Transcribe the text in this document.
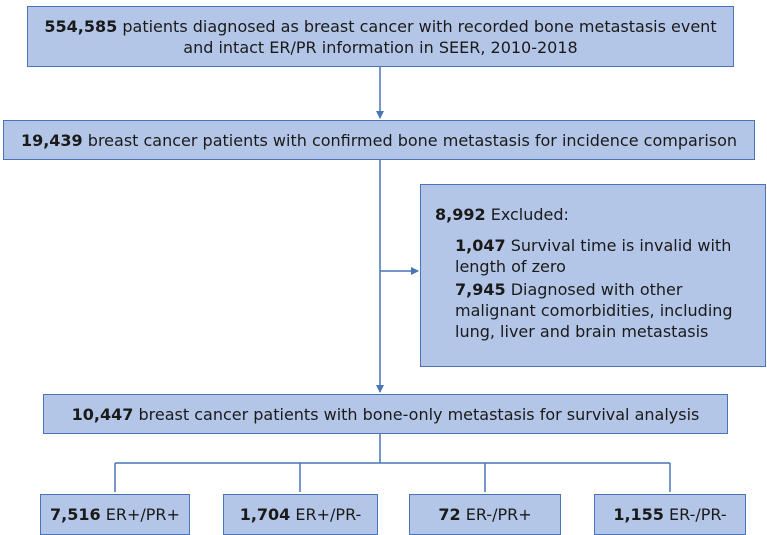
554,585 patients diagnosed as breast cancer with recorded bone metastasis event
and intact ER/PR information in SEER, 2010-2018
19,439 breast cancer patients with confirmed bone metastasis for incidence comparison
8,992 Excluded:
1,047 Survival time is invalid with
length of zero
7,945 Diagnosed with other
malignant comorbidities, including
lung, liver and brain metastasis
10,447 breast cancer patients with bone-only metastasis for survival analysis
7,516 ER+/PR+	1,704 ER+/PR-	72 ER-/PR+	1,155 ER-/PR-
